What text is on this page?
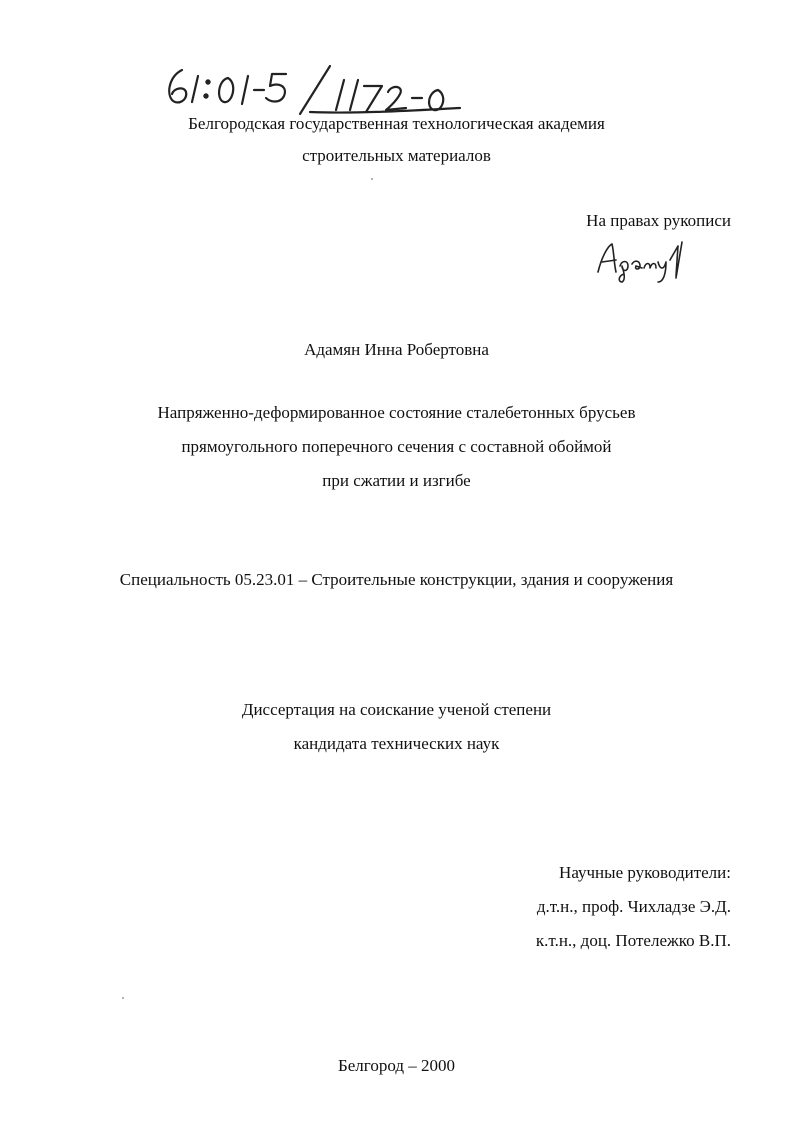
Белгородская государственная технологическая академия
строительных материалов
На правах рукописи
Адамян Инна Робертовна
Напряженно-деформированное состояние сталебетонных брусьев
прямоугольного поперечного сечения с составной обоймой
при сжатии и изгибе
Специальность 05.23.01 – Строительные конструкции, здания и сооружения
Диссертация на соискание ученой степени
кандидата технических наук
Научные руководители:
д.т.н., проф. Чихладзе Э.Д.
к.т.н., доц. Потележко В.П.
Белгород – 2000
